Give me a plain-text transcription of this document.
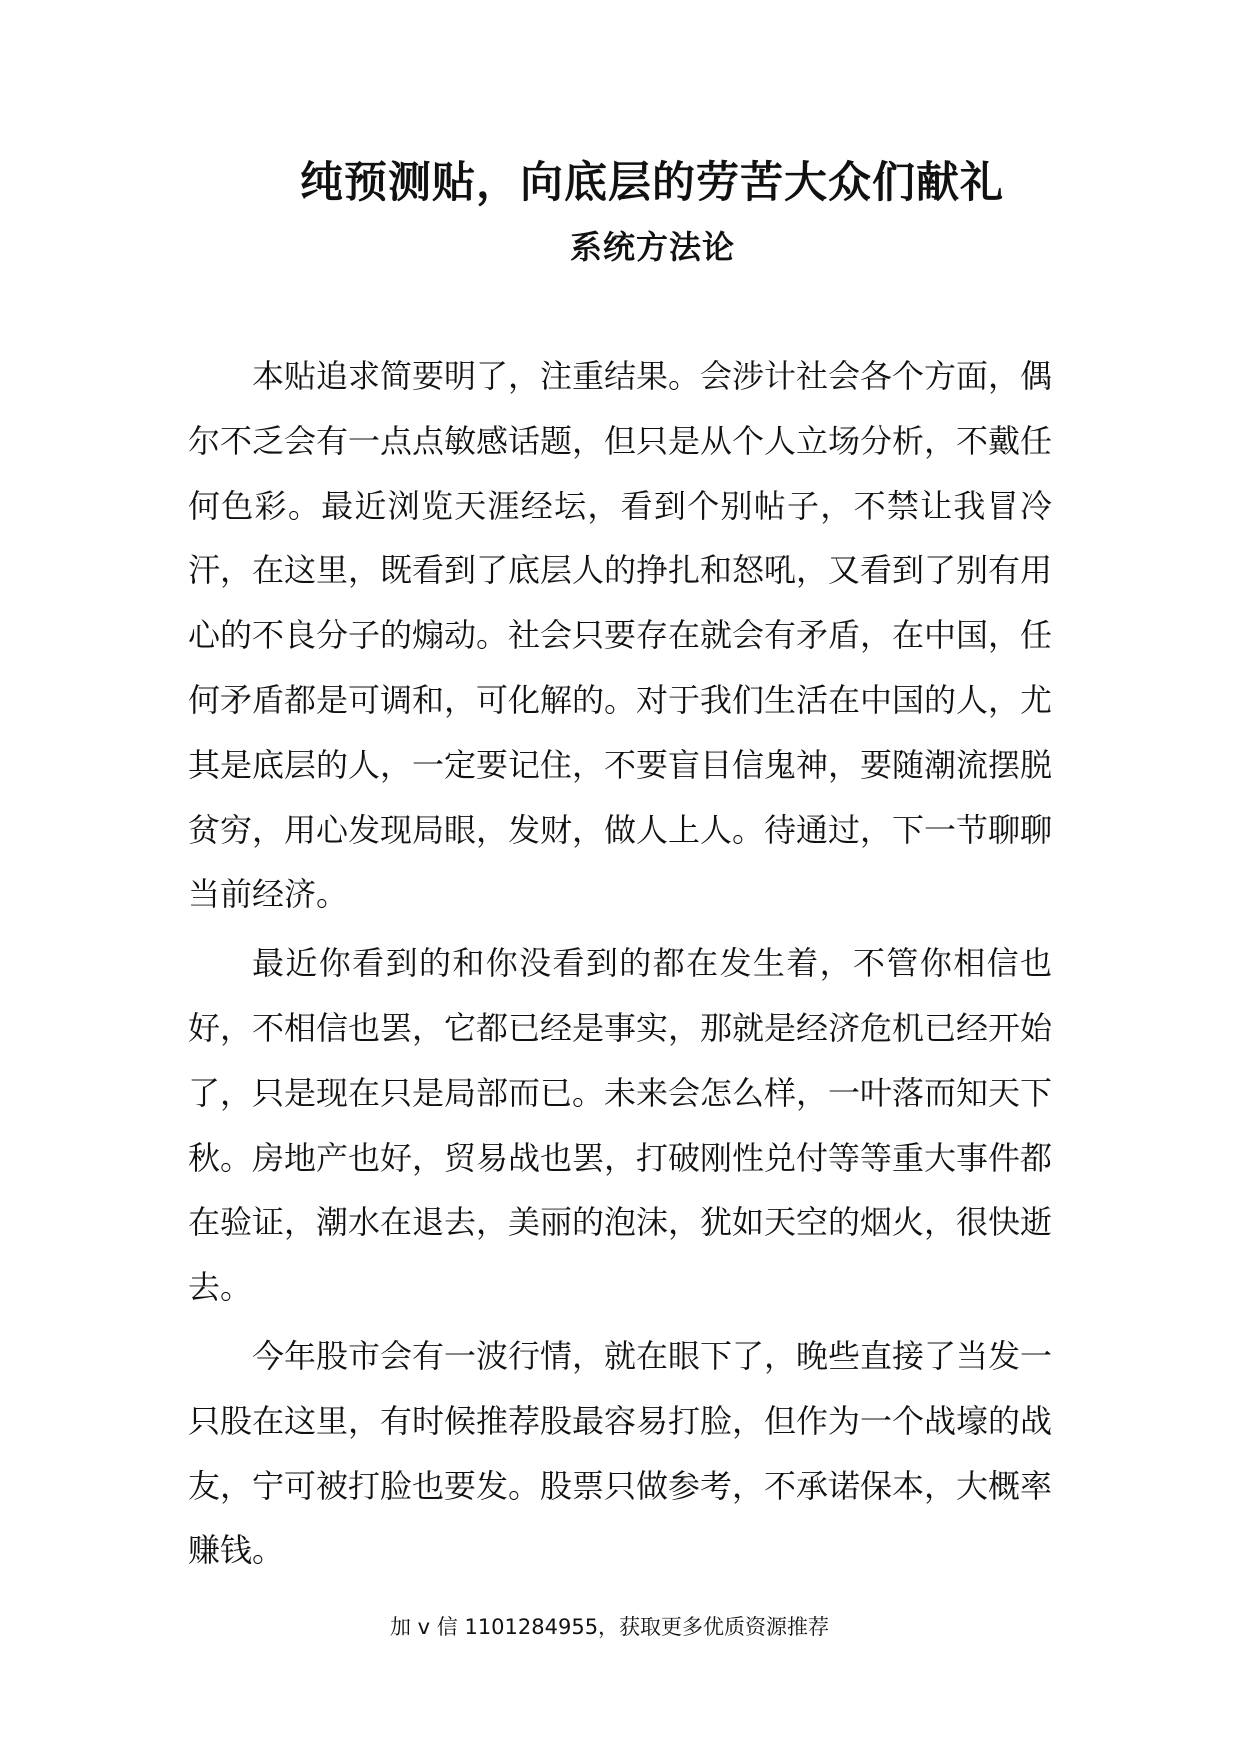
纯预测贴，向底层的劳苦大众们献礼
系统方法论

本贴追求简要明了，注重结果。会涉计社会各个方面，偶尔不乏会有一点点敏感话题，但只是从个人立场分析，不戴任何色彩。最近浏览天涯经坛，看到个别帖子，不禁让我冒冷汗，在这里，既看到了底层人的挣扎和怒吼，又看到了别有用心的不良分子的煽动。社会只要存在就会有矛盾，在中国，任何矛盾都是可调和，可化解的。对于我们生活在中国的人，尤其是底层的人，一定要记住，不要盲目信鬼神，要随潮流摆脱贫穷，用心发现局眼，发财，做人上人。待通过，下一节聊聊当前经济。

最近你看到的和你没看到的都在发生着，不管你相信也好，不相信也罢，它都已经是事实，那就是经济危机已经开始了，只是现在只是局部而已。未来会怎么样，一叶落而知天下秋。房地产也好，贸易战也罢，打破刚性兑付等等重大事件都在验证，潮水在退去，美丽的泡沫，犹如天空的烟火，很快逝去。

今年股市会有一波行情，就在眼下了，晚些直接了当发一只股在这里，有时候推荐股最容易打脸，但作为一个战壕的战友，宁可被打脸也要发。股票只做参考，不承诺保本，大概率赚钱。

加 v 信 1101284955，获取更多优质资源推荐
